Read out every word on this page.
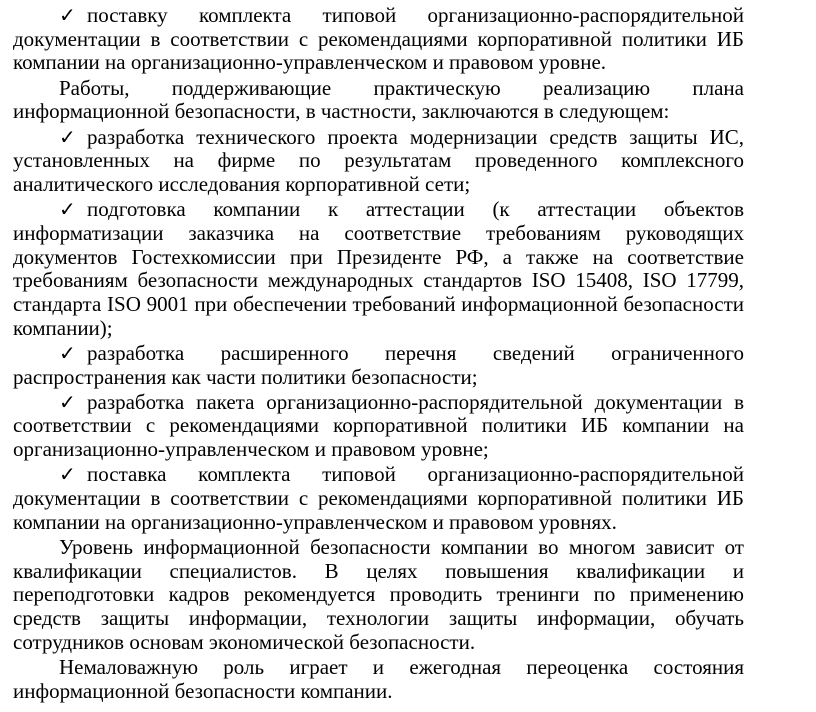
✓ поставку комплекта типовой организационно-распорядительной документации в соответствии с рекомендациями корпоративной политики ИБ компании на организационно-управленческом и правовом уровне.

Работы, поддерживающие практическую реализацию плана информационной безопасности, в частности, заключаются в следующем:

✓ разработка технического проекта модернизации средств защиты ИС, установленных на фирме по результатам проведенного комплексного аналитического исследования корпоративной сети;

✓ подготовка компании к аттестации (к аттестации объектов информатизации заказчика на соответствие требованиям руководящих документов Гостехкомиссии при Президенте РФ, а также на соответствие требованиям безопасности международных стандартов ISO 15408, ISO 17799, стандарта ISO 9001 при обеспечении требований информационной безопасности компании);

✓ разработка расширенного перечня сведений ограниченного распространения как части политики безопасности;

✓ разработка пакета организационно-распорядительной документации в соответствии с рекомендациями корпоративной политики ИБ компании на организационно-управленческом и правовом уровне;

✓ поставка комплекта типовой организационно-распорядительной документации в соответствии с рекомендациями корпоративной политики ИБ компании на организационно-управленческом и правовом уровнях.

Уровень информационной безопасности компании во многом зависит от квалификации специалистов. В целях повышения квалификации и переподготовки кадров рекомендуется проводить тренинги по применению средств защиты информации, технологии защиты информации, обучать сотрудников основам экономической безопасности.

Немаловажную роль играет и ежегодная переоценка состояния информационной безопасности компании.
